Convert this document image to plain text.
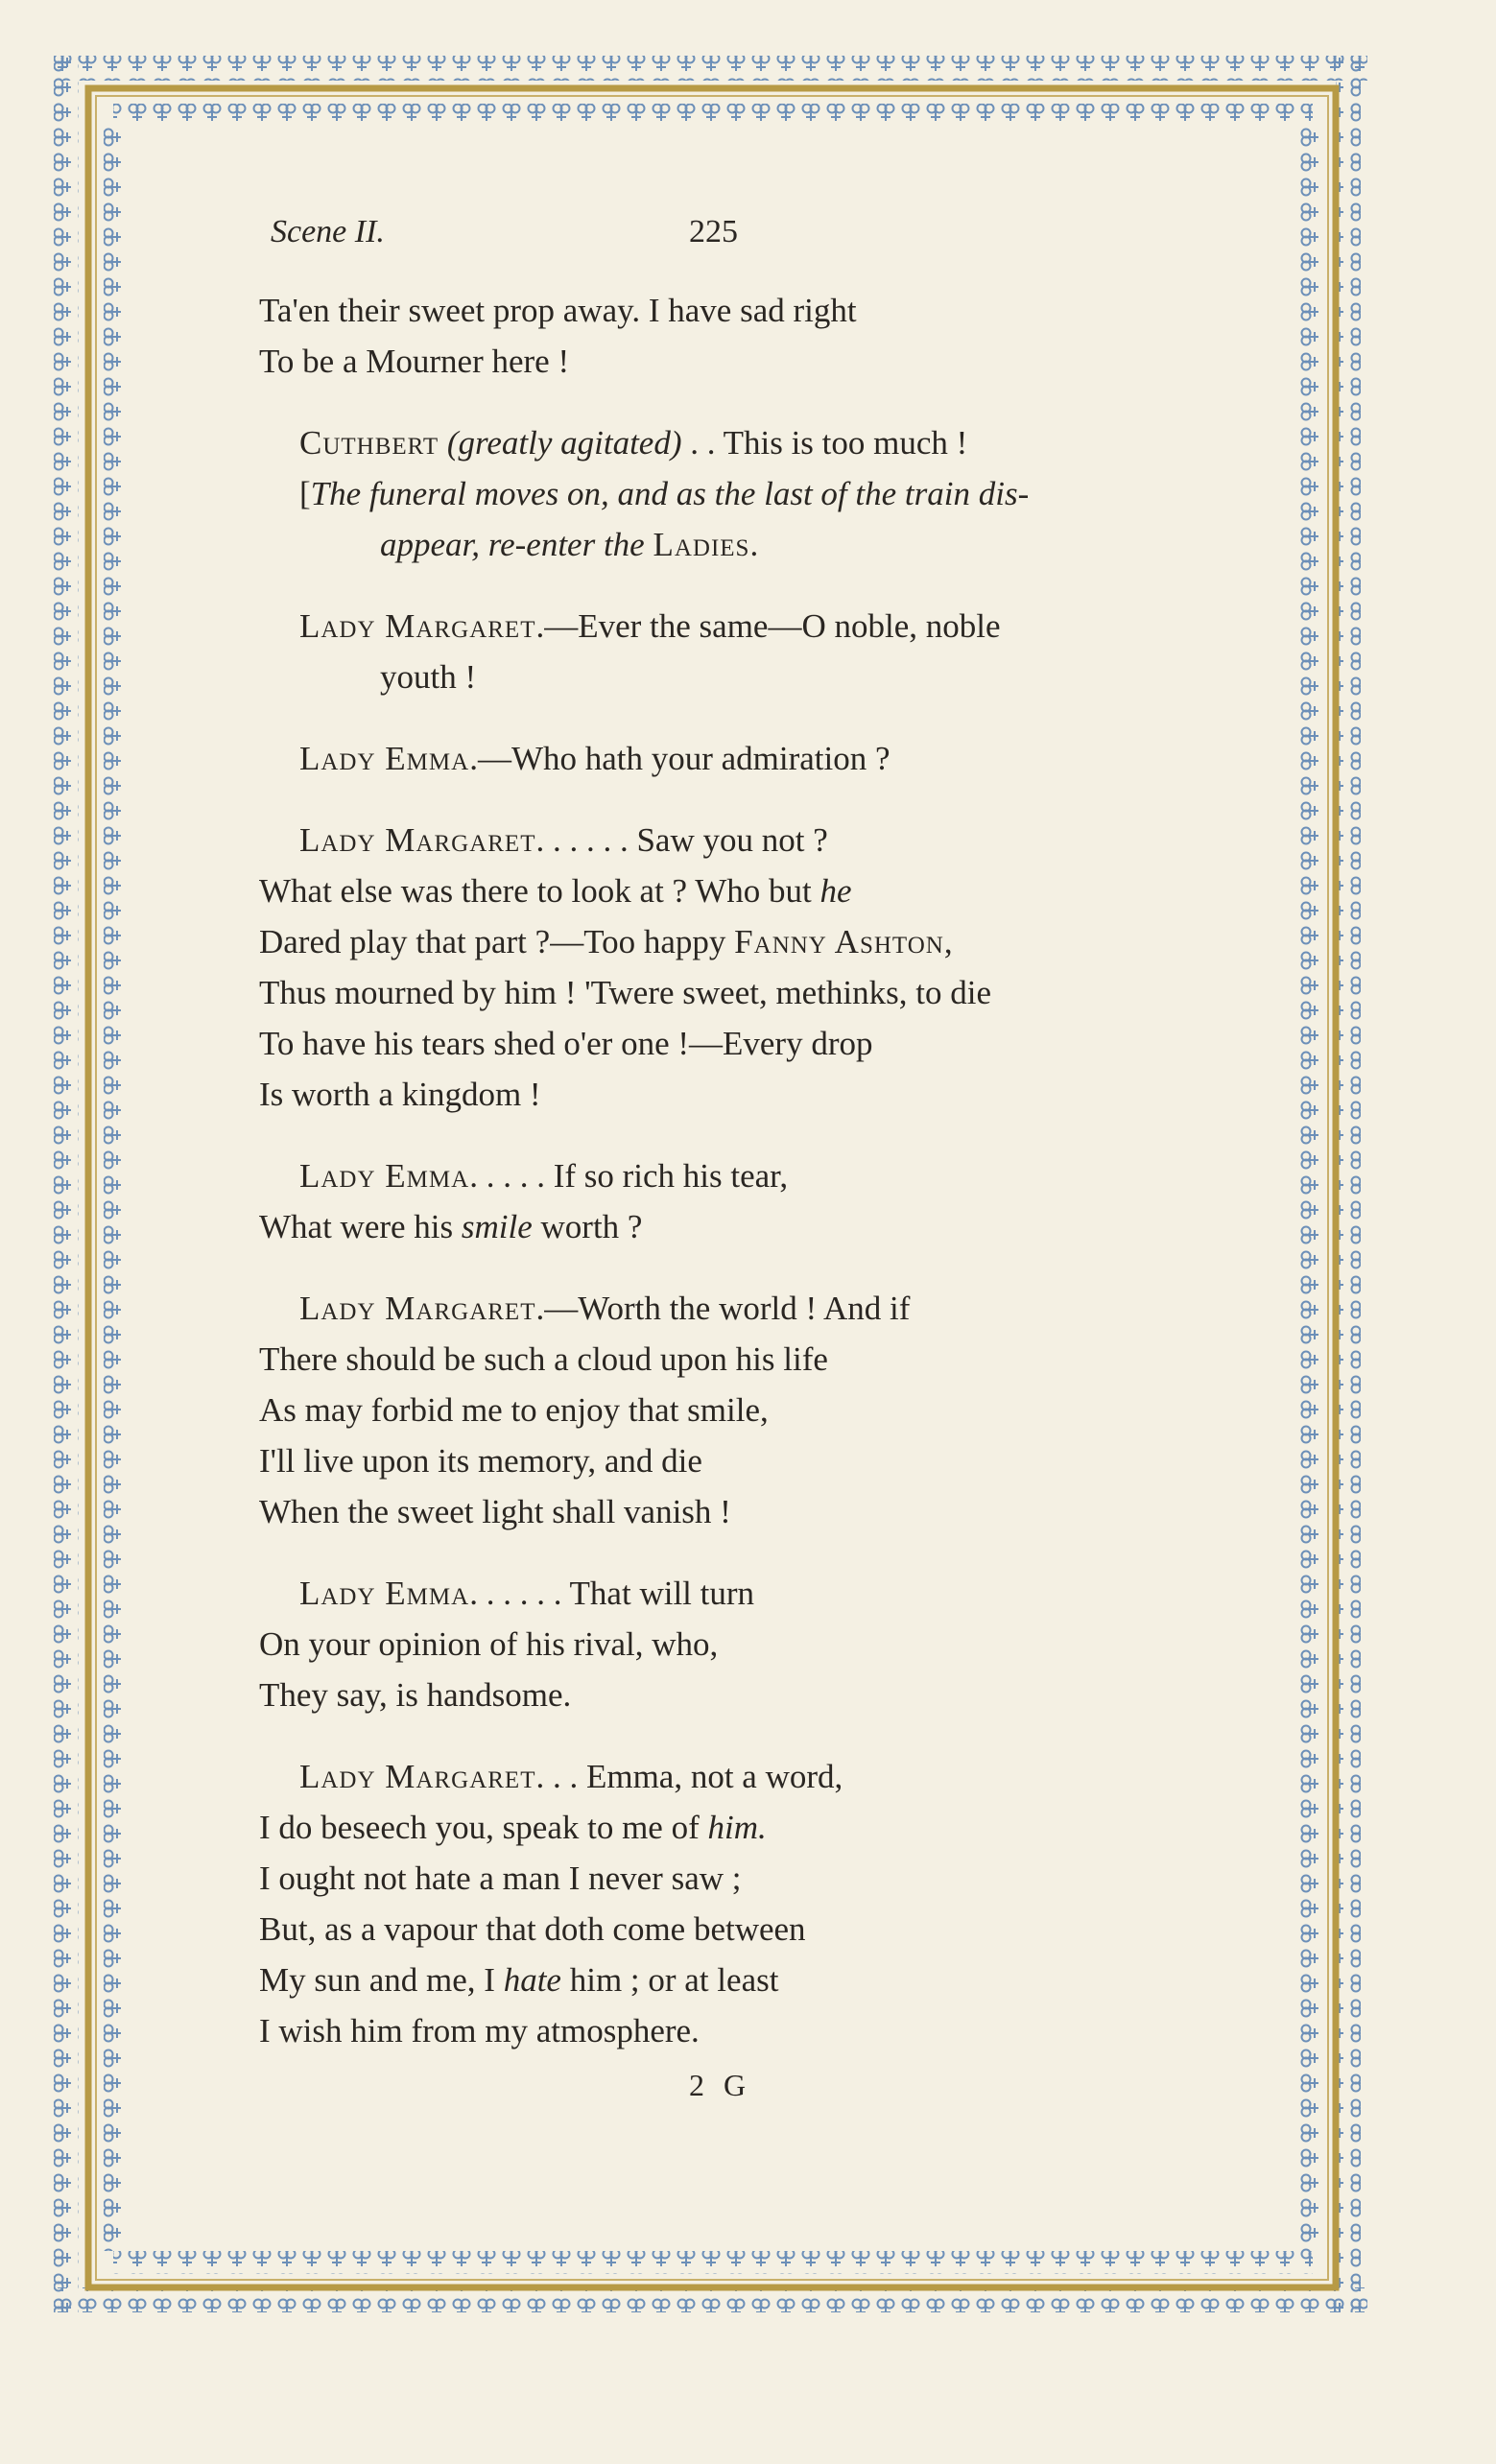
Scene II.	225
Ta'en their sweet prop away. I have sad right
To be a Mourner here !
Cuthbert (greatly agitated) . . This is too much !
[The funeral moves on, and as the last of the train dis-
appear, re-enter the Ladies.
Lady Margaret.—Ever the same—O noble, noble
youth !
Lady Emma.—Who hath your admiration ?
Lady Margaret. . . . . . Saw you not ?
What else was there to look at ? Who but he
Dared play that part ?—Too happy Fanny Ashton,
Thus mourned by him ! 'Twere sweet, methinks, to die
To have his tears shed o'er one !—Every drop
Is worth a kingdom !
Lady Emma. . . . . If so rich his tear,
What were his smile worth ?
Lady Margaret.—Worth the world ! And if
There should be such a cloud upon his life
As may forbid me to enjoy that smile,
I'll live upon its memory, and die
When the sweet light shall vanish !
Lady Emma. . . . . . That will turn
On your opinion of his rival, who,
They say, is handsome.
Lady Margaret. . . Emma, not a word,
I do beseech you, speak to me of him.
I ought not hate a man I never saw ;
But, as a vapour that doth come between
My sun and me, I hate him ; or at least
I wish him from my atmosphere.
2 G
